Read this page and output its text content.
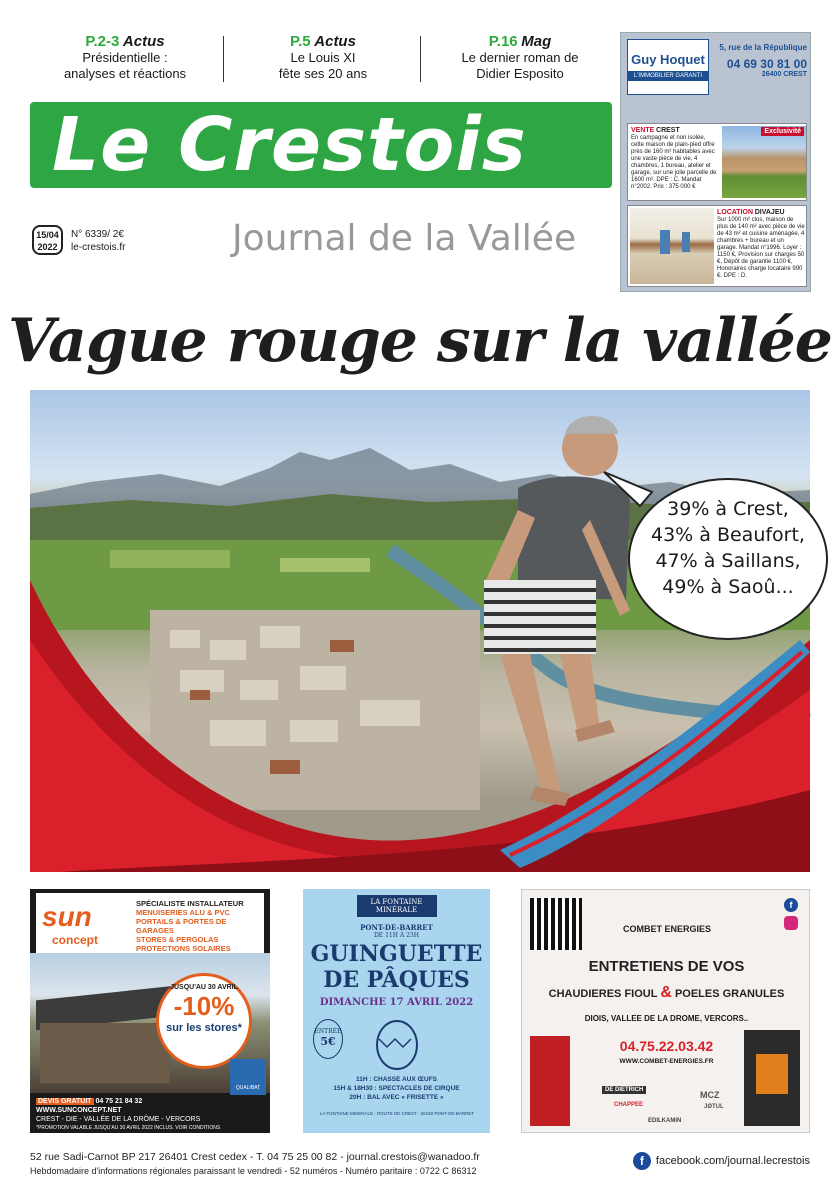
P.2-3 Actus
Présidentielle :
analyses et réactions
P.5 Actus
Le Louis XI
fête ses 20 ans
P.16 Mag
Le dernier roman de
Didier Esposito
Le Crestois
15/04
2022
N° 6339/ 2€
le-crestois.fr	Journal de la Vallée
Guy Hoquet
L'IMMOBILIER GARANTI
5, rue de la République
04 69 30 81 00
26400 CREST
VENTE CREST
En campagne et non isolée, cette maison de plain-pied offre près de 160 m² habitables avec une vaste pièce de vie, 4 chambres, 1 bureau, atelier et garage, sur une jolie parcelle de 1600 m². DPE : C. Mandat n°2002. Prix : 375 000 €
Exclusivité
LOCATION DIVAJEU
Sur 1000 m² clos, maison de plus de 140 m² avec pièce de vie de 43 m² et cuisine aménagée, 4 chambres + bureau et un garage. Mandat n°1996. Loyer : 1150 €, Provision sur charges 50 €, Dépôt de garantie 1100 €, Honoraires charge locataire 990 €. DPE : D.
Vague rouge sur la vallée
39% à Crest,
43% à Beaufort,
47% à Saillans,
49% à Saoû...
sun
concept
SPÉCIALISTE INSTALLATEUR
MENUISERIES ALU & PVC
PORTAILS & PORTES DE GARAGES
STORES & PERGOLAS
PROTECTIONS SOLAIRES
JUSQU'AU 30 AVRIL
-10%
sur les stores*
QUALIBAT
DEVIS GRATUIT 04 75 21 84 32 WWW.SUNCONCEPT.NET
CREST - DIE - VALLÉE DE LA DRÔME - VERCORS
*PROMOTION VALABLE JUSQU'AU 30 AVRIL 2022 INCLUS. VOIR CONDITIONS EN MAGASIN.
LA FONTAINE MINÉRALE
PONT-DE-BARRET
DE 11H À 23H
GUINGUETTE
DE PÂQUES
DIMANCHE 17 AVRIL 2022
ENTRÉE
5€
11H : CHASSE AUX ŒUFS
15H & 18H30 : SPECTACLES DE CIRQUE
20H : BAL AVEC « FRISETTE »
LA FONTAINE MINÉRALE - ROUTE DE CREST - 26160 PONT-DE-BARRET
f
COMBET ENERGIES
ENTRETIENS DE VOS
CHAUDIERES FIOUL & POELES GRANULES
DIOIS, VALLEE DE LA DROME, VERCORS..
04.75.22.03.42
WWW.COMBET-ENERGIES.FR
DE DIETRICH
CHAPPEE
MCZ
JØTUL
EDILKAMIN
52 rue Sadi-Carnot BP 217 26401 Crest cedex - T. 04 75 25 00 82 - journal.crestois@wanadoo.fr
Hebdomadaire d'informations régionales paraissant le vendredi - 52 numéros - Numéro paritaire : 0722 C 86312
f	facebook.com/journal.lecrestois
